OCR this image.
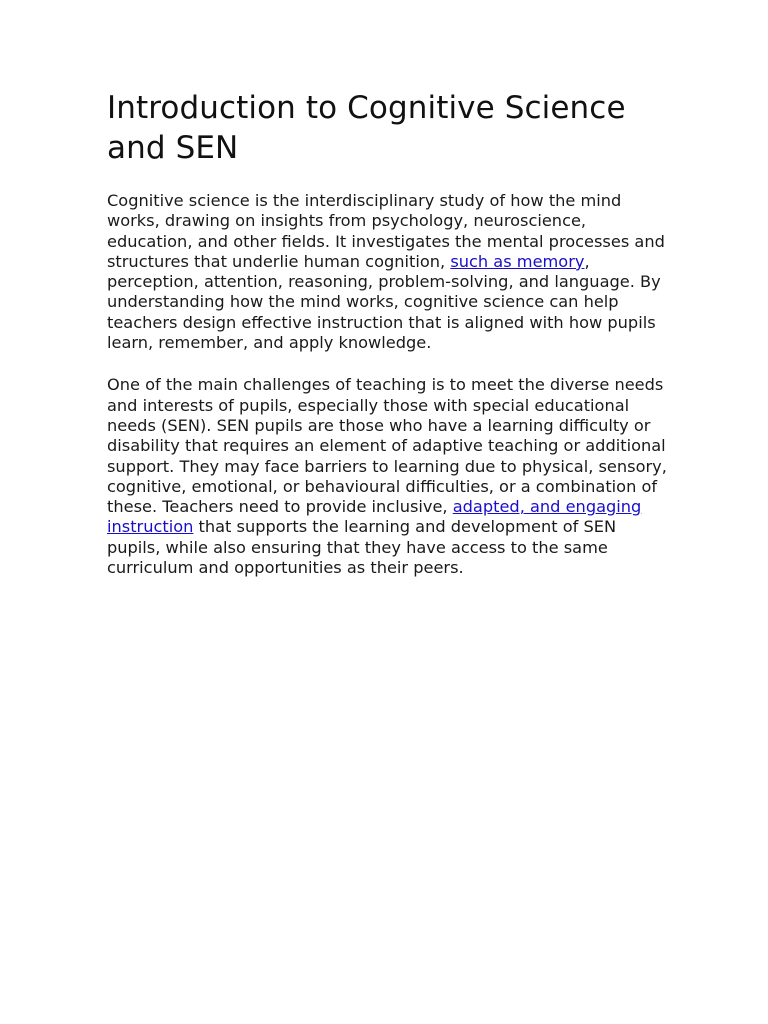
Introduction to Cognitive Science and SEN

Cognitive science is the interdisciplinary study of how the mind works, drawing on insights from psychology, neuroscience, education, and other fields. It investigates the mental processes and structures that underlie human cognition, such as memory, perception, attention, reasoning, problem-solving, and language. By understanding how the mind works, cognitive science can help teachers design effective instruction that is aligned with how pupils learn, remember, and apply knowledge.

One of the main challenges of teaching is to meet the diverse needs and interests of pupils, especially those with special educational needs (SEN). SEN pupils are those who have a learning difficulty or disability that requires an element of adaptive teaching or additional support. They may face barriers to learning due to physical, sensory, cognitive, emotional, or behavioural difficulties, or a combination of these. Teachers need to provide inclusive, adapted, and engaging instruction that supports the learning and development of SEN pupils, while also ensuring that they have access to the same curriculum and opportunities as their peers.
